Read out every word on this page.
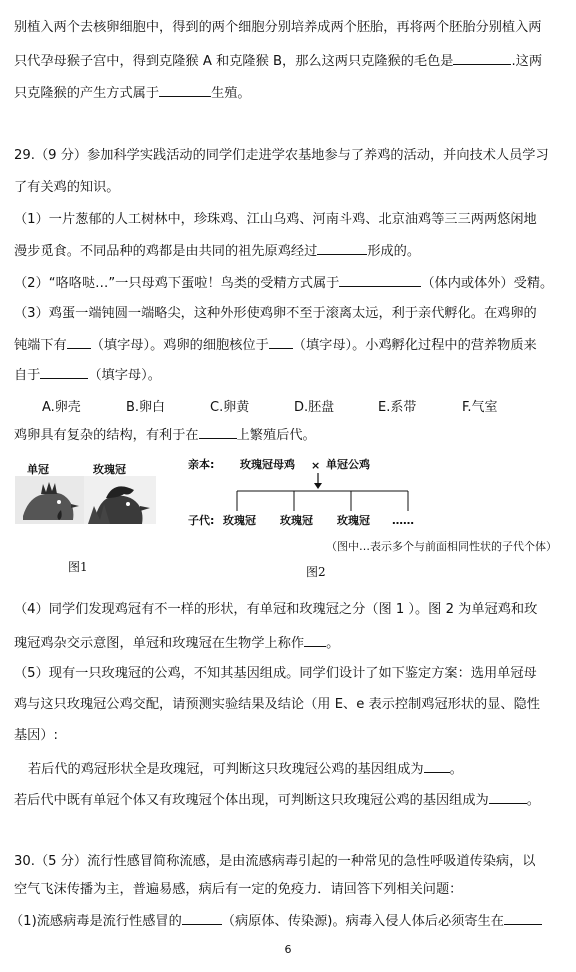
别植入两个去核卵细胞中，得到的两个细胞分别培养成两个胚胎，再将两个胚胎分别植入两
只代孕母猴子宫中，得到克隆猴 A 和克隆猴 B，那么这两只克隆猴的毛色是	.这两
只克隆猴的产生方式属于	生殖。
29.（9 分）参加科学实践活动的同学们走进学农基地参与了养鸡的活动，并向技术人员学习
了有关鸡的知识。
（1）一片葱郁的人工树林中，珍珠鸡、江山乌鸡、河南斗鸡、北京油鸡等三三两两悠闲地
漫步觅食。不同品种的鸡都是由共同的祖先原鸡经过	形成的。
（2）“咯咯哒…”一只母鸡下蛋啦！鸟类的受精方式属于	（体内或体外）受精。
（3）鸡蛋一端钝圆一端略尖，这种外形使鸡卵不至于滚离太远，利于亲代孵化。在鸡卵的
钝端下有 （填字母）。鸡卵的细胞核位于 （填字母）。小鸡孵化过程中的营养物质来
自于	（填字母）。
A.卵壳	B.卵白	C.卵黄	D.胚盘	E.系带	F.气室
鸡卵具有复杂的结构，有利于在	上繁殖后代。
单冠	玫瑰冠
图1
亲本: 玫瑰冠母鸡 × 单冠公鸡
子代: 玫瑰冠 玫瑰冠 玫瑰冠 ……
（图中…表示多个与前面相同性状的子代个体）
图2
（4）同学们发现鸡冠有不一样的形状，有单冠和玫瑰冠之分（图 1 ）。图 2 为单冠鸡和玫
瑰冠鸡杂交示意图，单冠和玫瑰冠在生物学上称作 。
（5）现有一只玫瑰冠的公鸡，不知其基因组成。同学们设计了如下鉴定方案：选用单冠母
鸡与这只玫瑰冠公鸡交配，请预测实验结果及结论（用 E、e 表示控制鸡冠形状的显、隐性
基因）:
若后代的鸡冠形状全是玫瑰冠，可判断这只玫瑰冠公鸡的基因组成为 。
若后代中既有单冠个体又有玫瑰冠个体出现，可判断这只玫瑰冠公鸡的基因组成为	。
30.（5 分）流行性感冒简称流感，是由流感病毒引起的一种常见的急性呼吸道传染病，以
空气飞沫传播为主，普遍易感，病后有一定的免疫力．请回答下列相关问题：
（1)流感病毒是流行性感冒的	（病原体、传染源)。病毒入侵人体后必须寄生在
6
